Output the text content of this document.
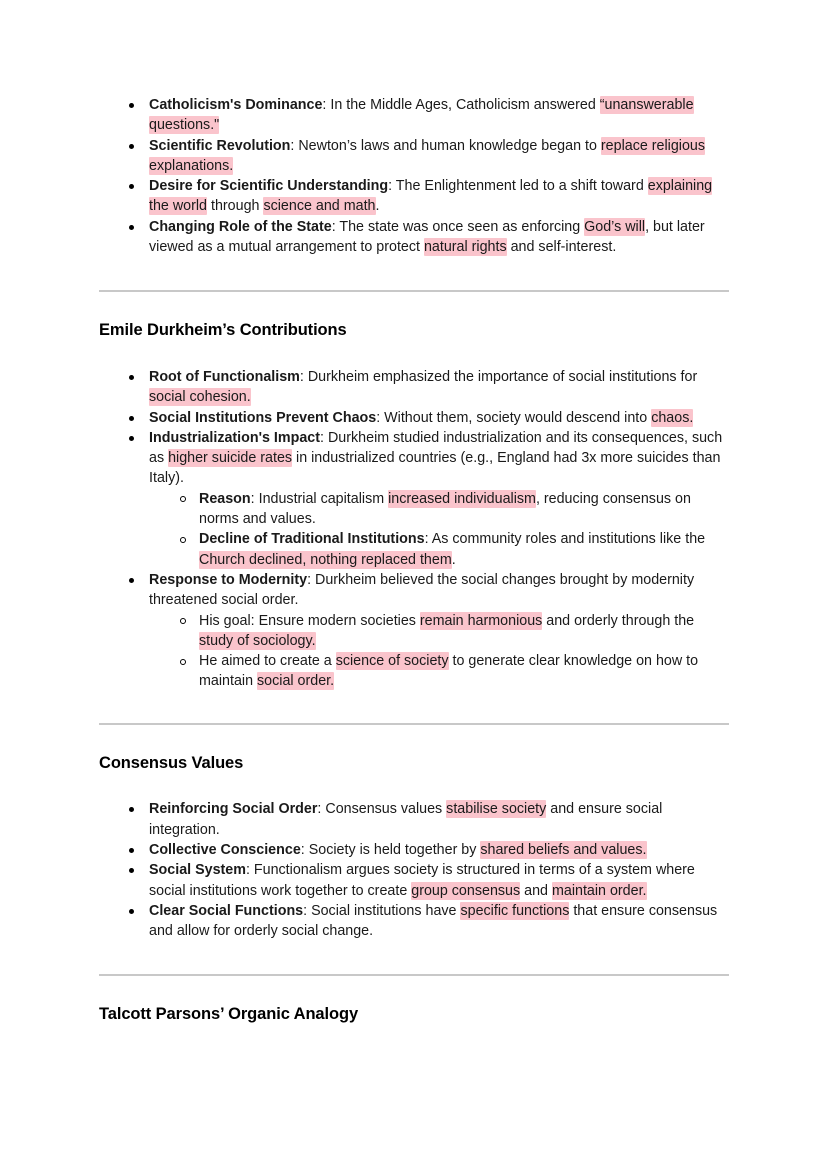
Catholicism's Dominance: In the Middle Ages, Catholicism answered “unanswerable questions."
Scientific Revolution: Newton’s laws and human knowledge began to replace religious explanations.
Desire for Scientific Understanding: The Enlightenment led to a shift toward explaining the world through science and math.
Changing Role of the State: The state was once seen as enforcing God’s will, but later viewed as a mutual arrangement to protect natural rights and self-interest.
Emile Durkheim’s Contributions
Root of Functionalism: Durkheim emphasized the importance of social institutions for social cohesion.
Social Institutions Prevent Chaos: Without them, society would descend into chaos.
Industrialization's Impact: Durkheim studied industrialization and its consequences, such as higher suicide rates in industrialized countries (e.g., England had 3x more suicides than Italy).
Reason: Industrial capitalism increased individualism, reducing consensus on norms and values.
Decline of Traditional Institutions: As community roles and institutions like the Church declined, nothing replaced them.
Response to Modernity: Durkheim believed the social changes brought by modernity threatened social order.
His goal: Ensure modern societies remain harmonious and orderly through the study of sociology.
He aimed to create a science of society to generate clear knowledge on how to maintain social order.
Consensus Values
Reinforcing Social Order: Consensus values stabilise society and ensure social integration.
Collective Conscience: Society is held together by shared beliefs and values.
Social System: Functionalism argues society is structured in terms of a system where social institutions work together to create group consensus and maintain order.
Clear Social Functions: Social institutions have specific functions that ensure consensus and allow for orderly social change.
Talcott Parsons’ Organic Analogy
